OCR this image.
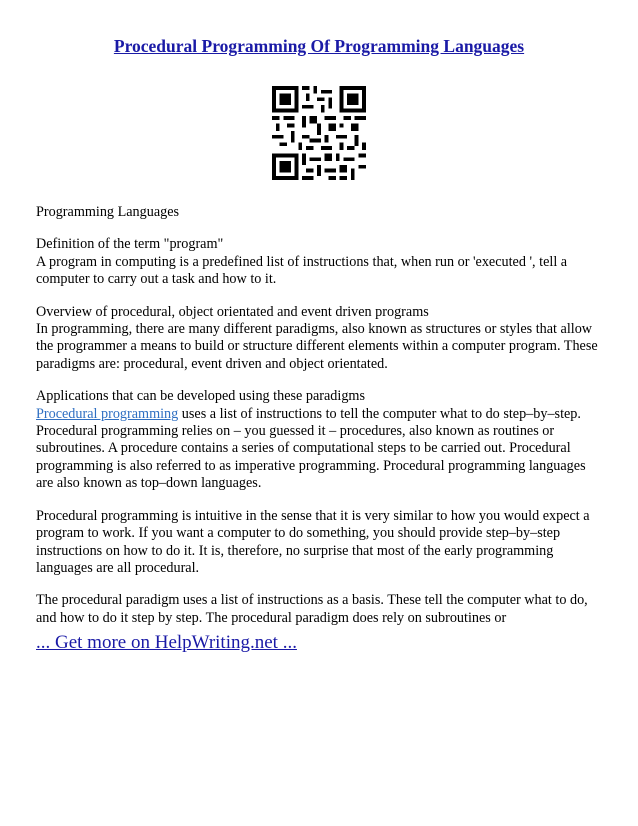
Procedural Programming Of Programming Languages

Programming Languages

Definition of the term "program"
A program in computing is a predefined list of instructions that, when run or 'executed ', tell a computer to carry out a task and how to it.

Overview of procedural, object orientated and event driven programs
In programming, there are many different paradigms, also known as structures or styles that allow the programmer a means to build or structure different elements within a computer program. These paradigms are: procedural, event driven and object orientated.

Applications that can be developed using these paradigms
Procedural programming uses a list of instructions to tell the computer what to do step–by–step. Procedural programming relies on – you guessed it – procedures, also known as routines or subroutines. A procedure contains a series of computational steps to be carried out. Procedural programming is also referred to as imperative programming. Procedural programming languages are also known as top–down languages.

Procedural programming is intuitive in the sense that it is very similar to how you would expect a program to work. If you want a computer to do something, you should provide step–by–step instructions on how to do it. It is, therefore, no surprise that most of the early programming languages are all procedural.

The procedural paradigm uses a list of instructions as a basis. These tell the computer what to do, and how to do it step by step. The procedural paradigm does rely on subroutines or

... Get more on HelpWriting.net ...
